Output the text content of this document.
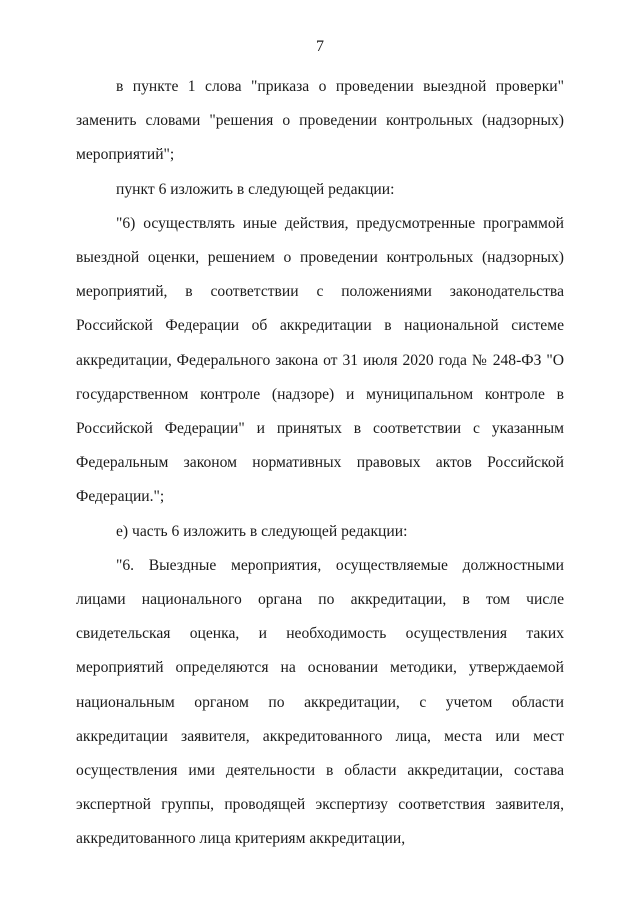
7

в пункте 1 слова "приказа о проведении выездной проверки" заменить словами "решения о проведении контрольных (надзорных) мероприятий";

пункт 6 изложить в следующей редакции:

"6) осуществлять иные действия, предусмотренные программой выездной оценки, решением о проведении контрольных (надзорных) мероприятий, в соответствии с положениями законодательства Российской Федерации об аккредитации в национальной системе аккредитации, Федерального закона от 31 июля 2020 года № 248-ФЗ "О государственном контроле (надзоре) и муниципальном контроле в Российской Федерации" и принятых в соответствии с указанным Федеральным законом нормативных правовых актов Российской Федерации.";

е) часть 6 изложить в следующей редакции:

"6. Выездные мероприятия, осуществляемые должностными лицами национального органа по аккредитации, в том числе свидетельская оценка, и необходимость осуществления таких мероприятий определяются на основании методики, утверждаемой национальным органом по аккредитации, с учетом области аккредитации заявителя, аккредитованного лица, места или мест осуществления ими деятельности в области аккредитации, состава экспертной группы, проводящей экспертизу соответствия заявителя, аккредитованного лица критериям аккредитации,
